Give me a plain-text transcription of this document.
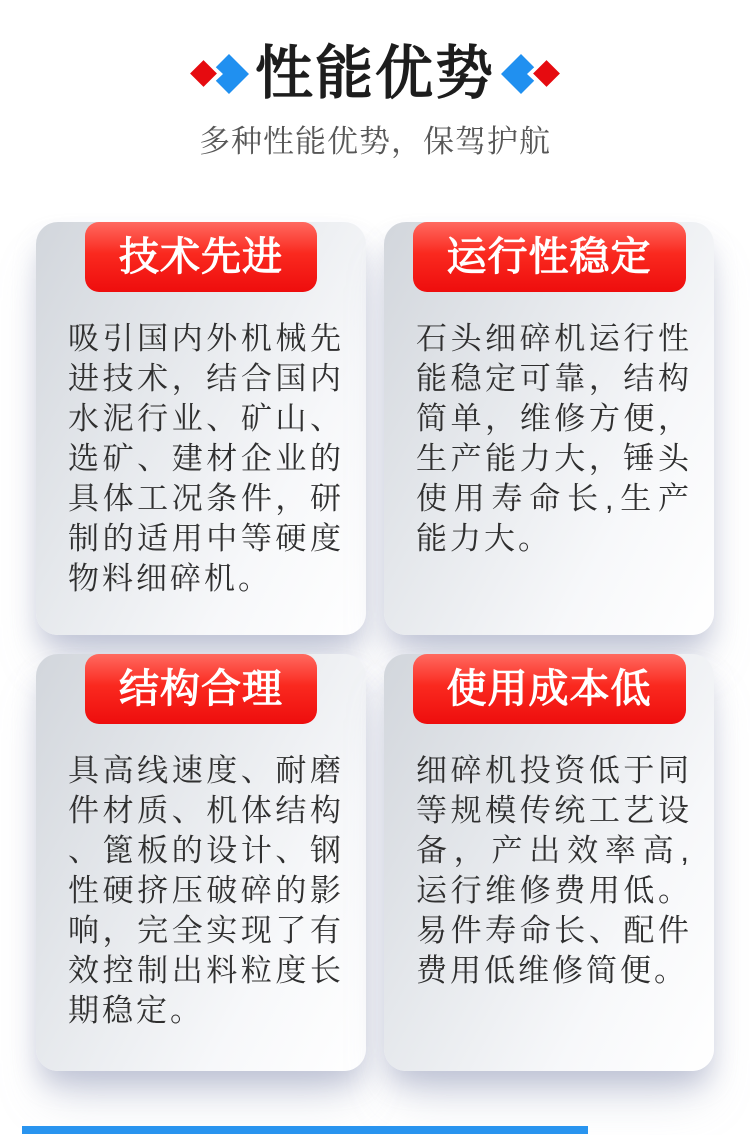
性能优势

多种性能优势，保驾护航

技术先进

吸引国内外机械先进技术，结合国内水泥行业、矿山、选矿、建材企业的具体工况条件，研制的适用中等硬度物料细碎机。

运行性稳定

石头细碎机运行性能稳定可靠，结构简单，维修方便，生产能力大，锤头使用寿命长,生产能力大。

结构合理

具高线速度、耐磨件材质、机体结构、篦板的设计、钢性硬挤压破碎的影响，完全实现了有效控制出料粒度长期稳定。

使用成本低

细碎机投资低于同等规模传统工艺设备，产出效率高,运行维修费用低。易件寿命长、配件费用低维修简便。
